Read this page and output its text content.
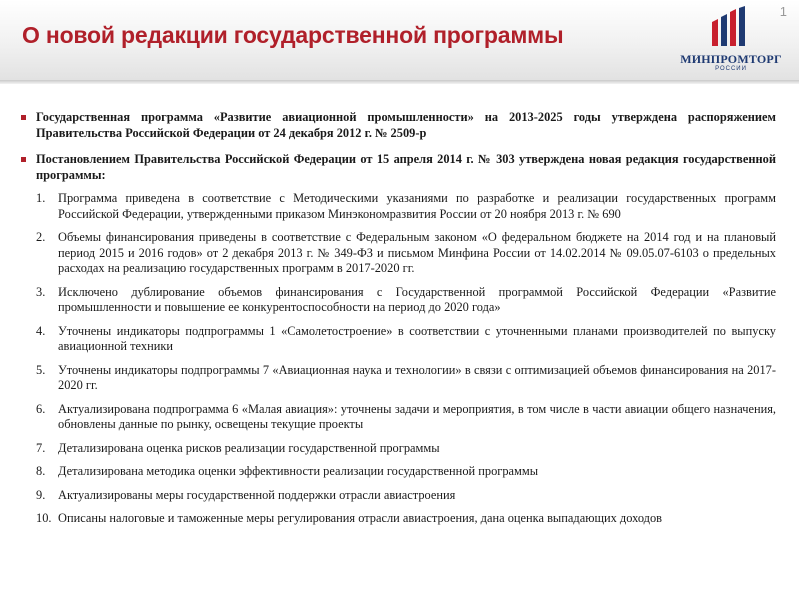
О новой редакции государственной программы
1
МИНПРОМТОРГ
РОССИИ
Государственная программа «Развитие авиационной промышленности» на 2013-2025 годы утверждена распоряжением Правительства Российской Федерации от 24 декабря 2012 г. № 2509-р
Постановлением Правительства Российской Федерации от 15 апреля 2014 г. № 303 утверждена новая редакция государственной программы:
1. Программа приведена в соответствие с Методическими указаниями по разработке и реализации государственных программ Российской Федерации, утвержденными приказом Минэкономразвития России от 20 ноября 2013 г. № 690
2. Объемы финансирования приведены в соответствие с Федеральным законом «О федеральном бюджете на 2014 год и на плановый период 2015 и 2016 годов» от 2 декабря 2013 г. № 349-ФЗ и письмом Минфина России от 14.02.2014 № 09.05.07-6103 о предельных расходах на реализацию государственных программ в 2017-2020 гг.
3. Исключено дублирование объемов финансирования с Государственной программой Российской Федерации «Развитие промышленности и повышение ее конкурентоспособности на период до 2020 года»
4. Уточнены индикаторы подпрограммы 1 «Самолетостроение» в соответствии с уточненными планами производителей по выпуску авиационной техники
5. Уточнены индикаторы подпрограммы 7 «Авиационная наука и технологии» в связи с оптимизацией объемов финансирования на 2017-2020 гг.
6. Актуализирована подпрограмма 6 «Малая авиация»: уточнены задачи и мероприятия, в том числе в части авиации общего назначения, обновлены данные по рынку, освещены текущие проекты
7. Детализирована оценка рисков реализации государственной программы
8. Детализирована методика оценки эффективности реализации государственной программы
9. Актуализированы меры государственной поддержки отрасли авиастроения
10. Описаны налоговые и таможенные меры регулирования отрасли авиастроения, дана оценка выпадающих доходов
